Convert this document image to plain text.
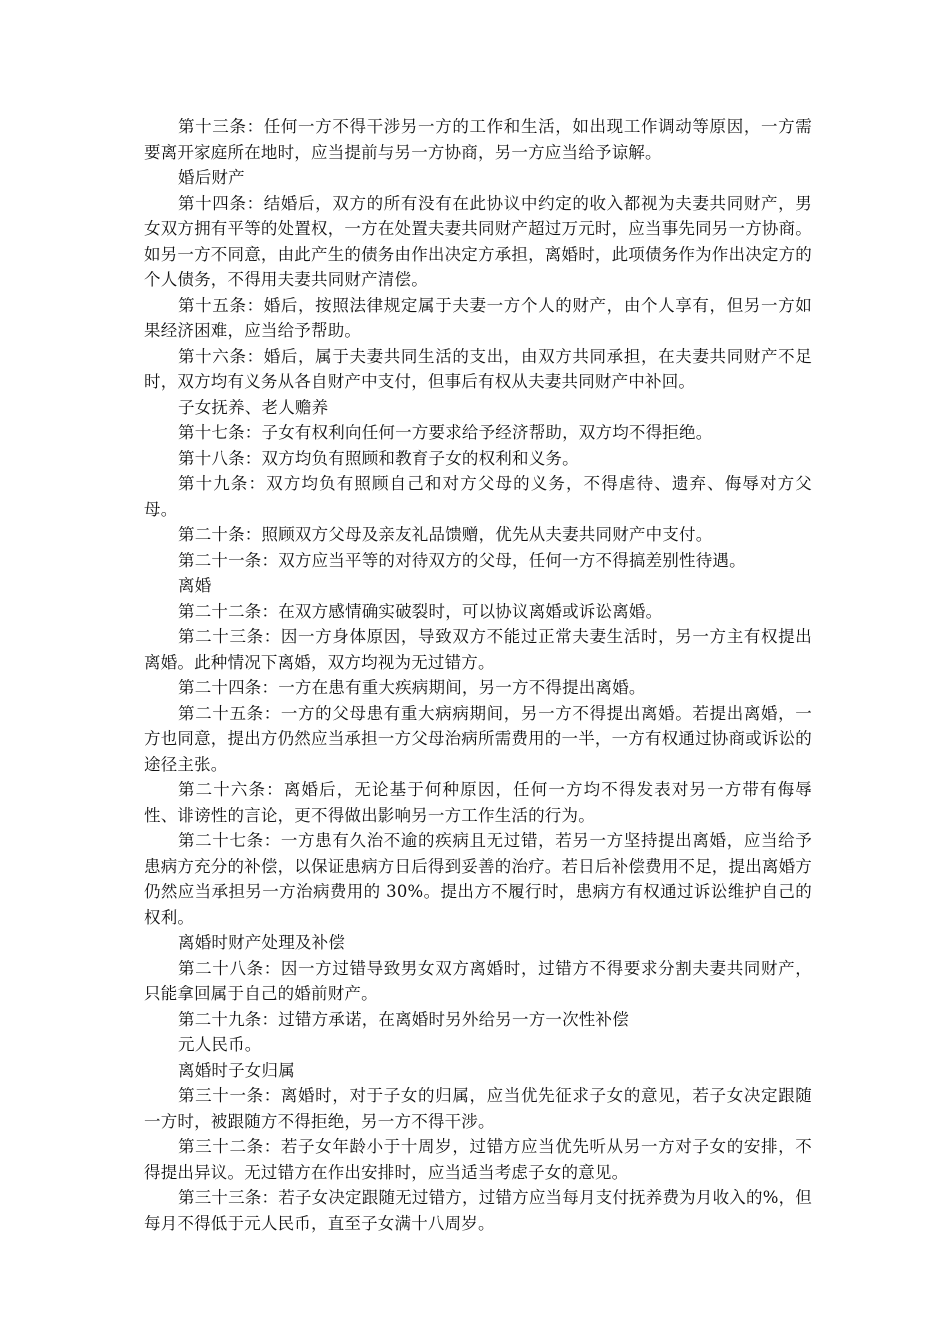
第十三条：任何一方不得干涉另一方的工作和生活，如出现工作调动等原因，一方需要离开家庭所在地时，应当提前与另一方协商，另一方应当给予谅解。

婚后财产

第十四条：结婚后，双方的所有没有在此协议中约定的收入都视为夫妻共同财产，男女双方拥有平等的处置权，一方在处置夫妻共同财产超过万元时，应当事先同另一方协商。如另一方不同意，由此产生的债务由作出决定方承担，离婚时，此项债务作为作出决定方的个人债务，不得用夫妻共同财产清偿。

第十五条：婚后，按照法律规定属于夫妻一方个人的财产，由个人享有，但另一方如果经济困难，应当给予帮助。

第十六条：婚后，属于夫妻共同生活的支出，由双方共同承担，在夫妻共同财产不足时，双方均有义务从各自财产中支付，但事后有权从夫妻共同财产中补回。

子女抚养、老人赡养

第十七条：子女有权利向任何一方要求给予经济帮助，双方均不得拒绝。

第十八条：双方均负有照顾和教育子女的权利和义务。

第十九条：双方均负有照顾自己和对方父母的义务，不得虐待、遗弃、侮辱对方父母。

第二十条：照顾双方父母及亲友礼品馈赠，优先从夫妻共同财产中支付。

第二十一条：双方应当平等的对待双方的父母，任何一方不得搞差别性待遇。

离婚

第二十二条：在双方感情确实破裂时，可以协议离婚或诉讼离婚。

第二十三条：因一方身体原因，导致双方不能过正常夫妻生活时，另一方主有权提出离婚。此种情况下离婚，双方均视为无过错方。

第二十四条：一方在患有重大疾病期间，另一方不得提出离婚。

第二十五条：一方的父母患有重大病病期间，另一方不得提出离婚。若提出离婚，一方也同意，提出方仍然应当承担一方父母治病所需费用的一半，一方有权通过协商或诉讼的途径主张。

第二十六条：离婚后，无论基于何种原因，任何一方均不得发表对另一方带有侮辱性、诽谤性的言论，更不得做出影响另一方工作生活的行为。

第二十七条：一方患有久治不逾的疾病且无过错，若另一方坚持提出离婚，应当给予患病方充分的补偿，以保证患病方日后得到妥善的治疗。若日后补偿费用不足，提出离婚方仍然应当承担另一方治病费用的 30%。提出方不履行时，患病方有权通过诉讼维护自己的权利。

离婚时财产处理及补偿

第二十八条：因一方过错导致男女双方离婚时，过错方不得要求分割夫妻共同财产，只能拿回属于自己的婚前财产。

第二十九条：过错方承诺，在离婚时另外给另一方一次性补偿

元人民币。

离婚时子女归属

第三十一条：离婚时，对于子女的归属，应当优先征求子女的意见，若子女决定跟随一方时，被跟随方不得拒绝，另一方不得干涉。

第三十二条：若子女年龄小于十周岁，过错方应当优先听从另一方对子女的安排，不得提出异议。无过错方在作出安排时，应当适当考虑子女的意见。

第三十三条：若子女决定跟随无过错方，过错方应当每月支付抚养费为月收入的%，但每月不得低于元人民币，直至子女满十八周岁。
